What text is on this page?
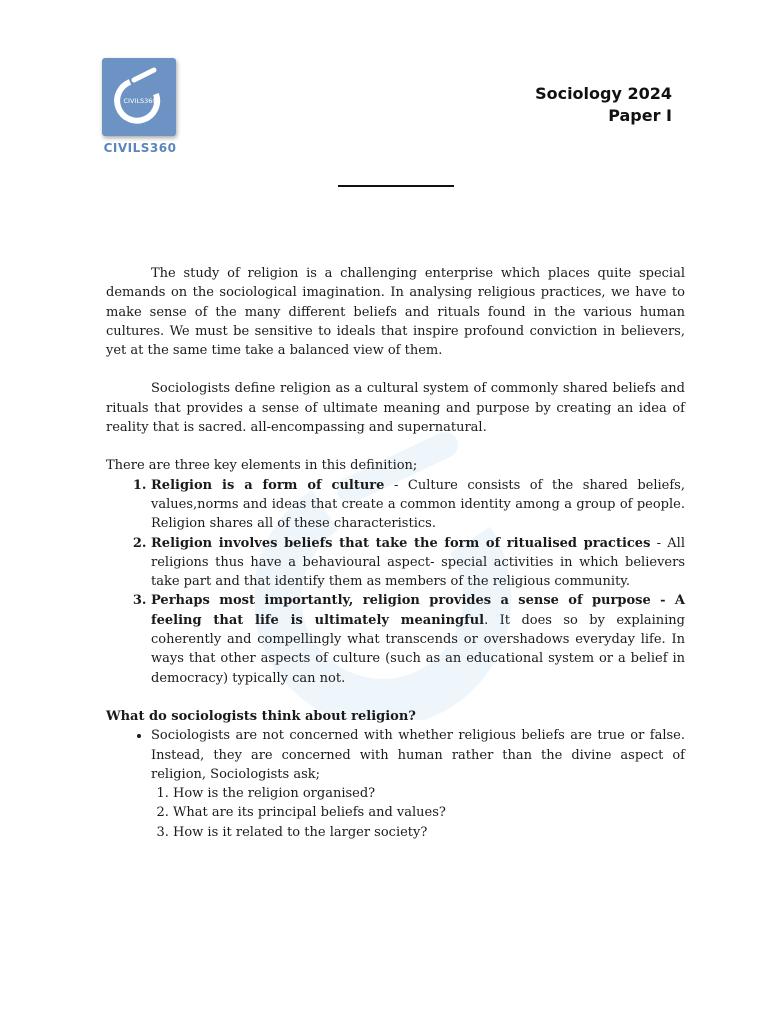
CIVILS360
CIVILS360
Sociology 2024
Paper I

The study of religion is a challenging enterprise which places quite special demands on the sociological imagination. In analysing religious practices, we have to make sense of the many different beliefs and rituals found in the various human cultures. We must be sensitive to ideals that inspire profound conviction in believers, yet at the same time take a balanced view of them.

Sociologists define religion as a cultural system of commonly shared beliefs and rituals that provides a sense of ultimate meaning and purpose by creating an idea of reality that is sacred. all-encompassing and supernatural.

There are three key elements in this definition;

1. Religion is a form of culture - Culture consists of the shared beliefs, values,norms and ideas that create a common identity among a group of people. Religion shares all of these characteristics.
2. Religion involves beliefs that take the form of ritualised practices - All religions thus have a behavioural aspect- special activities in which believers take part and that identify them as members of the religious community.
3. Perhaps most importantly, religion provides a sense of purpose - A feeling that life is ultimately meaningful. It does so by explaining coherently and compellingly what transcends or overshadows everyday life. In ways that other aspects of culture (such as an educational system or a belief in democracy) typically can not.

What do sociologists think about religion?

• Sociologists are not concerned with whether religious beliefs are true or false. Instead, they are concerned with human rather than the divine aspect of religion, Sociologists ask;
1. How is the religion organised?
2. What are its principal beliefs and values?
3. How is it related to the larger society?
